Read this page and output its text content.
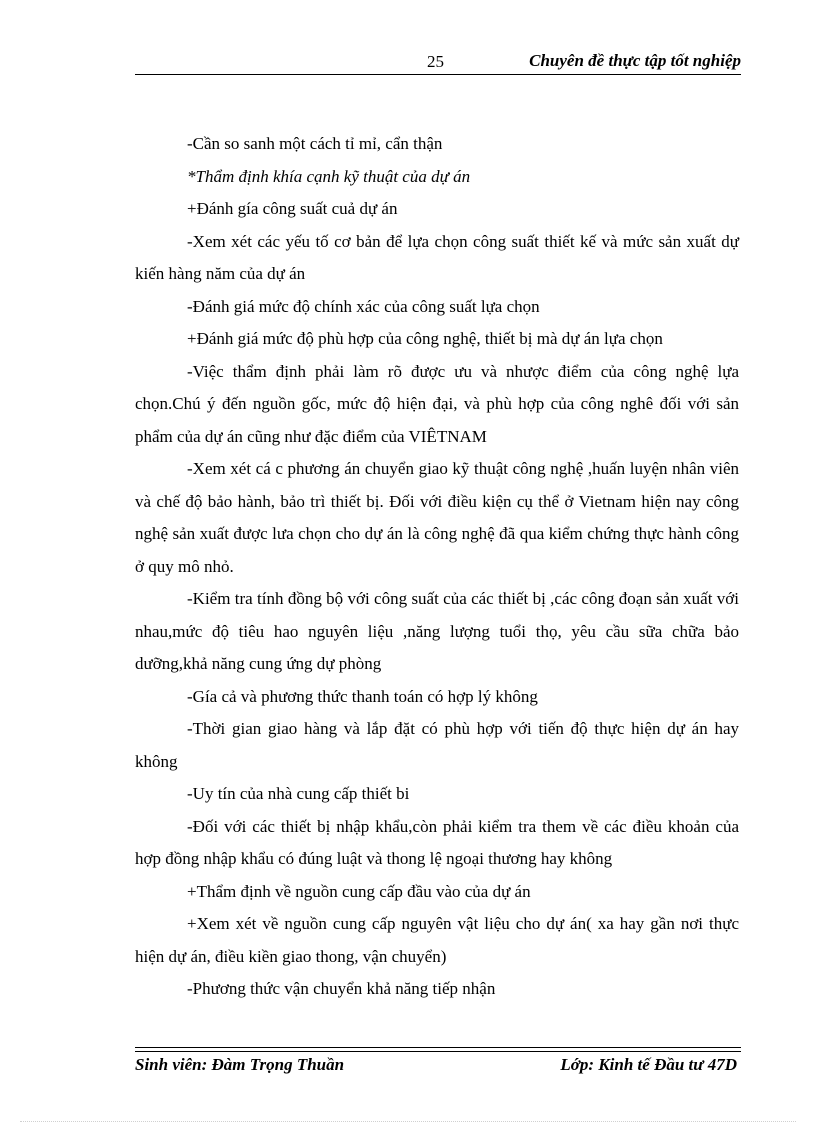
25	Chuyên đề thực tập tốt nghiệp

-Cần so sanh một cách tỉ mỉ, cẩn thận

*Thẩm định khía cạnh kỹ thuật của dự án

+Đánh gía công suất cuả dự án

-Xem xét các yếu tố cơ bản để lựa chọn công suất thiết kế và mức sản xuất dự kiến hàng năm của dự án

-Đánh giá mức độ chính xác của công suất lựa chọn

+Đánh giá mức độ phù hợp của công nghệ, thiết bị mà dự án lựa chọn

-Việc thẩm định phải làm rõ được ưu và nhược điểm của công nghệ lựa chọn.Chú ý đến nguồn gốc, mức độ hiện đại, và phù hợp của công nghê đối với sản phẩm của dự án cũng như đặc điểm của VIÊTNAM

-Xem xét cá c phương án chuyển giao kỹ thuật công nghệ ,huấn luyện nhân viên và chế độ bảo hành, bảo trì thiết bị. Đối với điều kiện cụ thể ở Vietnam hiện nay công nghệ sản xuất được lưa chọn cho dự án là công nghệ đã qua kiểm chứng thực hành công ở quy mô nhỏ.

-Kiểm tra tính đồng bộ với công suất của các thiết bị ,các công đoạn sản xuất với nhau,mức độ tiêu hao nguyên liệu ,năng lượng tuổi thọ, yêu cầu sữa chữa bảo dưỡng,khả năng cung ứng dự phòng

-Gía cả và phương thức thanh toán có hợp lý không

-Thời gian giao hàng và lắp đặt có phù hợp với tiến độ thực hiện dự án hay không

-Uy tín của nhà cung cấp thiết bi

-Đối với các thiết bị nhập khẩu,còn phải kiểm tra them về các điều khoản của hợp đồng nhập khẩu có đúng luật và thong lệ ngoại thương hay không

+Thẩm định về nguồn cung cấp đầu vào của dự án

+Xem xét về nguồn cung cấp nguyên vật liệu cho dự án( xa hay gần nơi thực hiện dự án, điều kiền giao thong, vận chuyển)

-Phương thức vận chuyển khả năng tiếp nhận

Sinh viên: Đàm Trọng Thuần	Lớp: Kinh tế Đầu tư 47D
